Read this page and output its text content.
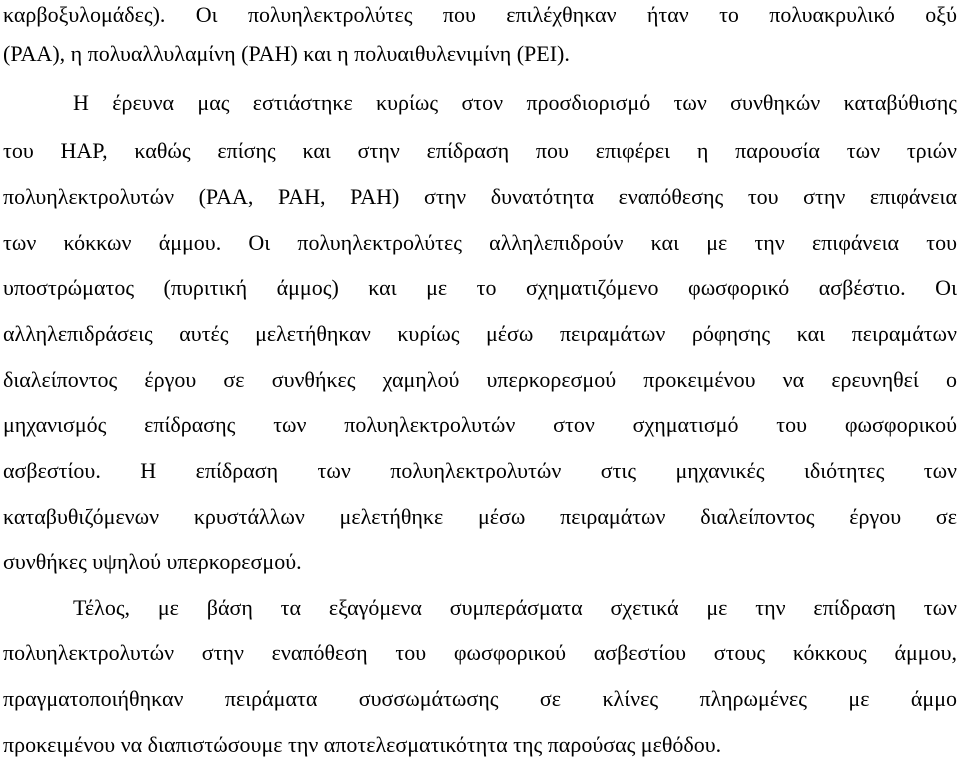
καρβοξυλομάδες). Οι πολυηλεκτρολύτες που επιλέχθηκαν ήταν το πολυακρυλικό οξύ
(PAA), η πολυαλλυλαμίνη (PAH) και η πολυαιθυλενιμίνη (PEI).
Η έρευνα μας εστιάστηκε κυρίως στον προσδιορισμό των συνθηκών καταβύθισης
του HAP, καθώς επίσης και στην επίδραση που επιφέρει η παρουσία των τριών
πολυηλεκτρολυτών (PAA, PAH, PAH) στην δυνατότητα εναπόθεσης του στην επιφάνεια
των κόκκων άμμου. Οι πολυηλεκτρολύτες αλληλεπιδρούν και με την επιφάνεια του
υποστρώματος (πυριτική άμμος) και με το σχηματιζόμενο φωσφορικό ασβέστιο. Οι
αλληλεπιδράσεις αυτές μελετήθηκαν κυρίως μέσω πειραμάτων ρόφησης και πειραμάτων
διαλείποντος έργου σε συνθήκες χαμηλού υπερκορεσμού προκειμένου να ερευνηθεί ο
μηχανισμός επίδρασης των πολυηλεκτρολυτών στον σχηματισμό του φωσφορικού
ασβεστίου. Η επίδραση των πολυηλεκτρολυτών στις μηχανικές ιδιότητες των
καταβυθιζόμενων κρυστάλλων μελετήθηκε μέσω πειραμάτων διαλείποντος έργου σε
συνθήκες υψηλού υπερκορεσμού.
Τέλος, με βάση τα εξαγόμενα συμπεράσματα σχετικά με την επίδραση των
πολυηλεκτρολυτών στην εναπόθεση του φωσφορικού ασβεστίου στους κόκκους άμμου,
πραγματοποιήθηκαν πειράματα συσσωμάτωσης σε κλίνες πληρωμένες με άμμο
προκειμένου να διαπιστώσουμε την αποτελεσματικότητα της παρούσας μεθόδου.
